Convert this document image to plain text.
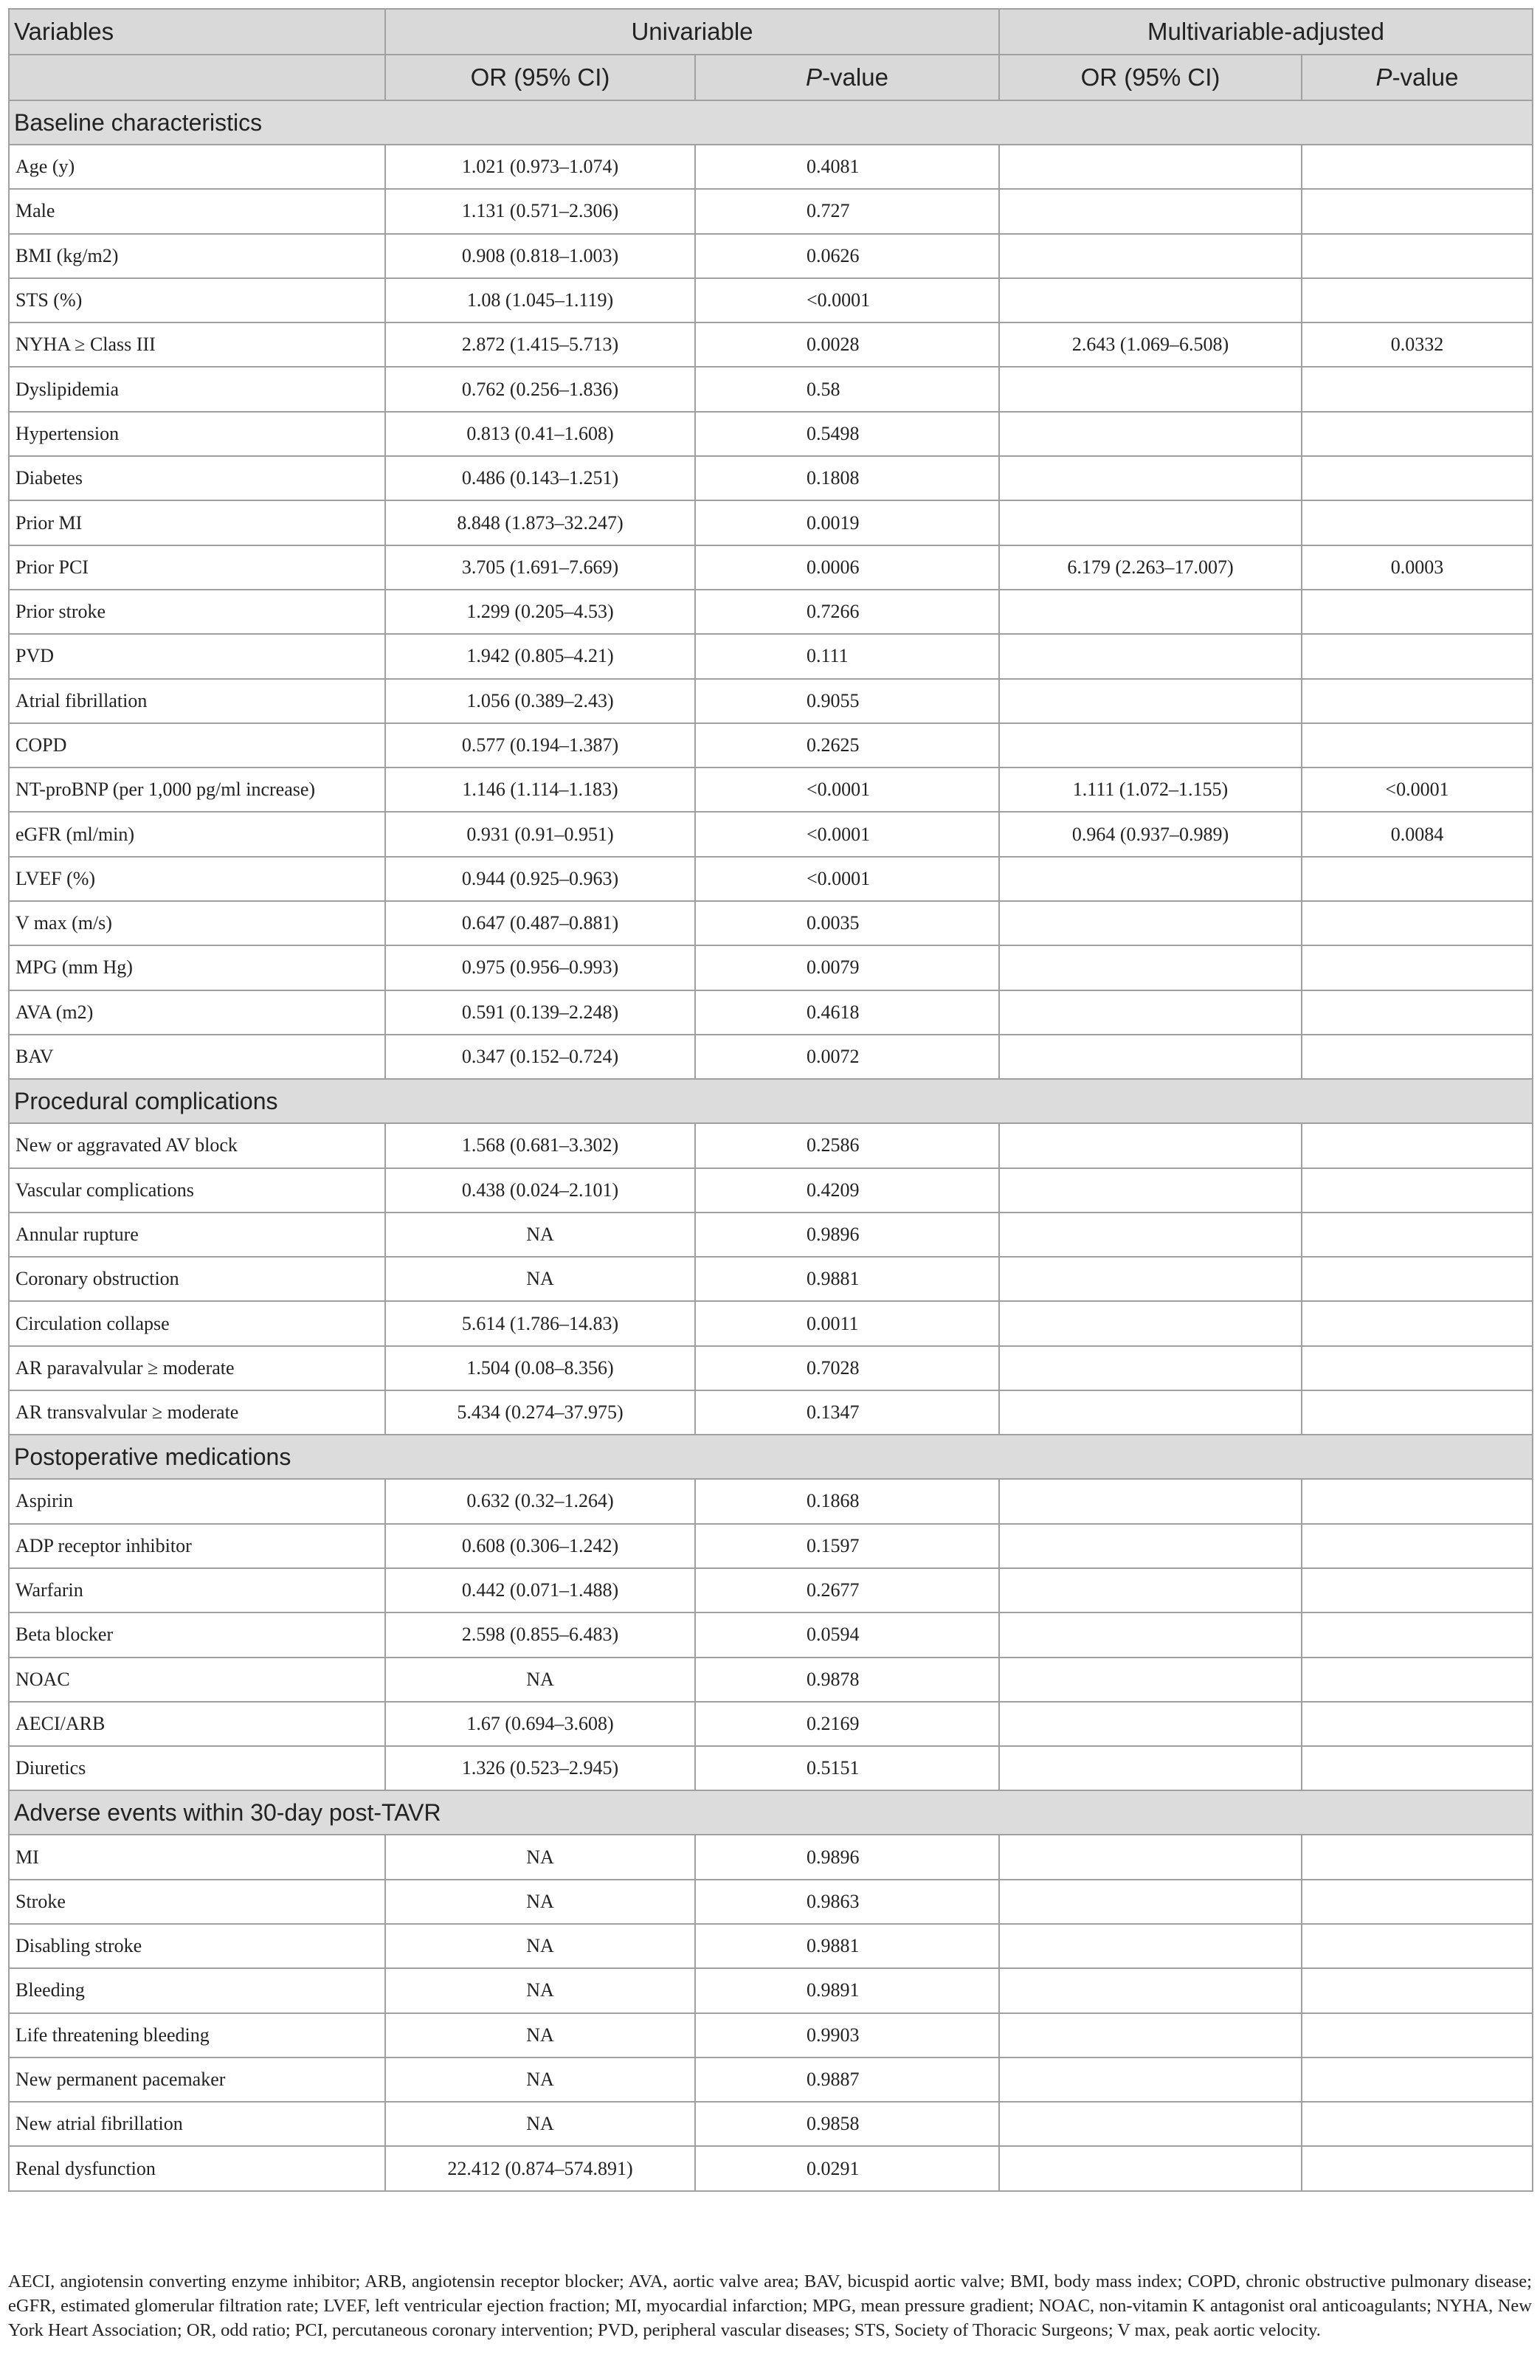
Variables	Univariable		Multivariable-adjusted	
	OR (95% CI)	P-value	OR (95% CI)	P-value
Baseline characteristics				
Age (y)	1.021 (0.973–1.074)	0.4081		
Male	1.131 (0.571–2.306)	0.727		
BMI (kg/m2)	0.908 (0.818–1.003)	0.0626		
STS (%)	1.08 (1.045–1.119)	<0.0001		
NYHA ≥ Class III	2.872 (1.415–5.713)	0.0028	2.643 (1.069–6.508)	0.0332
Dyslipidemia	0.762 (0.256–1.836)	0.58		
Hypertension	0.813 (0.41–1.608)	0.5498		
Diabetes	0.486 (0.143–1.251)	0.1808		
Prior MI	8.848 (1.873–32.247)	0.0019		
Prior PCI	3.705 (1.691–7.669)	0.0006	6.179 (2.263–17.007)	0.0003
Prior stroke	1.299 (0.205–4.53)	0.7266		
PVD	1.942 (0.805–4.21)	0.111		
Atrial fibrillation	1.056 (0.389–2.43)	0.9055		
COPD	0.577 (0.194–1.387)	0.2625		
NT-proBNP (per 1,000 pg/ml increase)	1.146 (1.114–1.183)	<0.0001	1.111 (1.072–1.155)	<0.0001
eGFR (ml/min)	0.931 (0.91–0.951)	<0.0001	0.964 (0.937–0.989)	0.0084
LVEF (%)	0.944 (0.925–0.963)	<0.0001		
V max (m/s)	0.647 (0.487–0.881)	0.0035		
MPG (mm Hg)	0.975 (0.956–0.993)	0.0079		
AVA (m2)	0.591 (0.139–2.248)	0.4618		
BAV	0.347 (0.152–0.724)	0.0072		
Procedural complications				
New or aggravated AV block	1.568 (0.681–3.302)	0.2586		
Vascular complications	0.438 (0.024–2.101)	0.4209		
Annular rupture	NA	0.9896		
Coronary obstruction	NA	0.9881		
Circulation collapse	5.614 (1.786–14.83)	0.0011		
AR paravalvular ≥ moderate	1.504 (0.08–8.356)	0.7028		
AR transvalvular ≥ moderate	5.434 (0.274–37.975)	0.1347		
Postoperative medications				
Aspirin	0.632 (0.32–1.264)	0.1868		
ADP receptor inhibitor	0.608 (0.306–1.242)	0.1597		
Warfarin	0.442 (0.071–1.488)	0.2677		
Beta blocker	2.598 (0.855–6.483)	0.0594		
NOAC	NA	0.9878		
AECI/ARB	1.67 (0.694–3.608)	0.2169		
Diuretics	1.326 (0.523–2.945)	0.5151		
Adverse events within 30-day post-TAVR				
MI	NA	0.9896		
Stroke	NA	0.9863		
Disabling stroke	NA	0.9881		
Bleeding	NA	0.9891		
Life threatening bleeding	NA	0.9903		
New permanent pacemaker	NA	0.9887		
New atrial fibrillation	NA	0.9858		
Renal dysfunction	22.412 (0.874–574.891)	0.0291		
AECI, angiotensin converting enzyme inhibitor; ARB, angiotensin receptor blocker; AVA, aortic valve area; BAV, bicuspid aortic valve; BMI, body mass index; COPD, chronic obstructive pulmonary disease; eGFR, estimated glomerular filtration rate; LVEF, left ventricular ejection fraction; MI, myocardial infarction; MPG, mean pressure gradient; NOAC, non-vitamin K antagonist oral anticoagulants; NYHA, New York Heart Association; OR, odd ratio; PCI, percutaneous coronary intervention; PVD, peripheral vascular diseases; STS, Society of Thoracic Surgeons; V max, peak aortic velocity.
